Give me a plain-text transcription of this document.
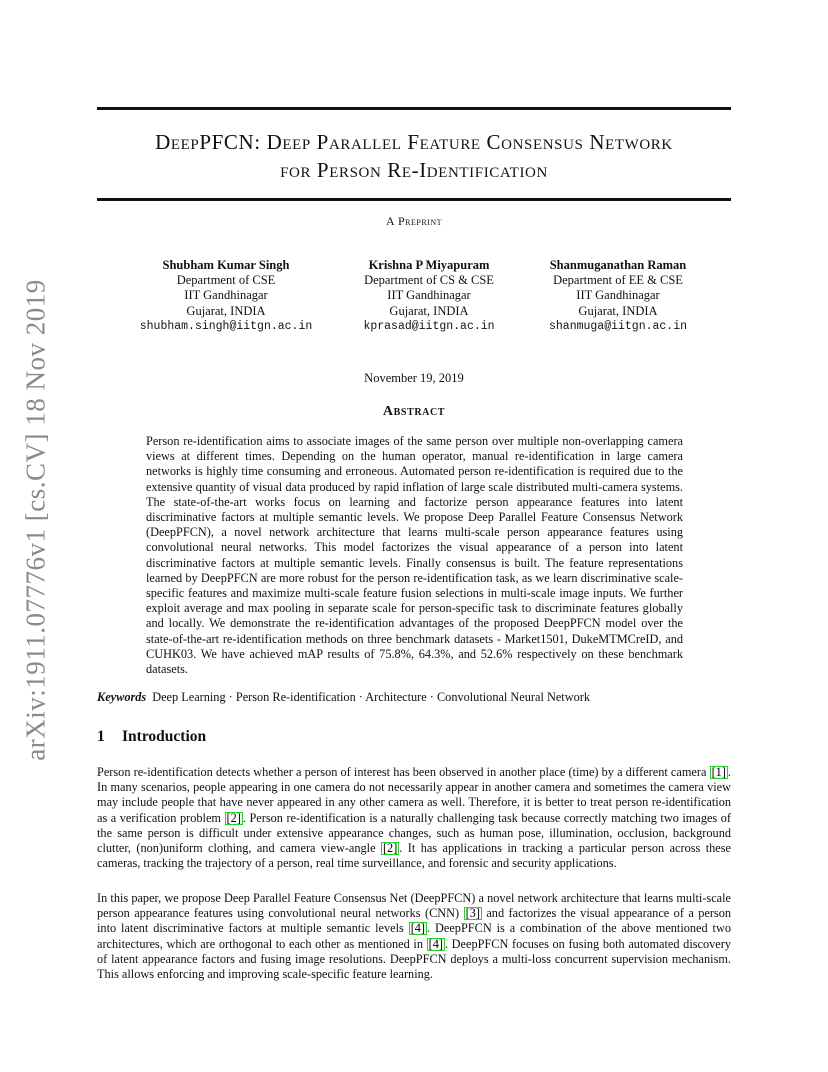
arXiv:1911.07776v1 [cs.CV] 18 Nov 2019
DeepPFCN: Deep Parallel Feature Consensus Network
for Person Re-Identification
A Preprint
Shubham Kumar Singh
Department of CSE
IIT Gandhinagar
Gujarat, INDIA
shubham.singh@iitgn.ac.in
Krishna P Miyapuram
Department of CS & CSE
IIT Gandhinagar
Gujarat, INDIA
kprasad@iitgn.ac.in
Shanmuganathan Raman
Department of EE & CSE
IIT Gandhinagar
Gujarat, INDIA
shanmuga@iitgn.ac.in
November 19, 2019
Abstract

Person re-identification aims to associate images of the same person over multiple non-overlapping camera views at different times. Depending on the human operator, manual re-identification in large camera networks is highly time consuming and erroneous. Automated person re-identification is required due to the extensive quantity of visual data produced by rapid inflation of large scale distributed multi-camera systems. The state-of-the-art works focus on learning and factorize person appearance features into latent discriminative factors at multiple semantic levels. We propose Deep Parallel Feature Consensus Network (DeepPFCN), a novel network architecture that learns multi-scale person appearance features using convolutional neural networks. This model factorizes the visual appearance of a person into latent discriminative factors at multiple semantic levels. Finally consensus is built. The feature representations learned by DeepPFCN are more robust for the person re-identification task, as we learn discriminative scale-specific features and maximize multi-scale feature fusion selections in multi-scale image inputs. We further exploit average and max pooling in separate scale for person-specific task to discriminate features globally and locally. We demonstrate the re-identification advantages of the proposed DeepPFCN model over the state-of-the-art re-identification methods on three benchmark datasets - Market1501, DukeMTMCreID, and CUHK03. We have achieved mAP results of 75.8%, 64.3%, and 52.6% respectively on these benchmark datasets.

Keywords Deep Learning · Person Re-identification · Architecture · Convolutional Neural Network
1 Introduction

Person re-identification detects whether a person of interest has been observed in another place (time) by a different camera [1] . In many scenarios, people appearing in one camera do not necessarily appear in another camera and sometimes the camera view may include people that have never appeared in any other camera as well. Therefore, it is better to treat person re-identification as a verification problem [2] . Person re-identification is a naturally challenging task because correctly matching two images of the same person is difficult under extensive appearance changes, such as human pose, illumination, occlusion, background clutter, (non)uniform clothing, and camera view-angle [2] . It has applications in tracking a particular person across these cameras, tracking the trajectory of a person, real time surveillance, and forensic and security applications.

In this paper, we propose Deep Parallel Feature Consensus Net (DeepPFCN) a novel network architecture that learns multi-scale person appearance features using convolutional neural networks (CNN) [3] and factorizes the visual appearance of a person into latent discriminative factors at multiple semantic levels [4] . DeepPFCN is a combination of the above mentioned two architectures, which are orthogonal to each other as mentioned in [4] . DeepPFCN focuses on fusing both automated discovery of latent appearance factors and fusing image resolutions. DeepPFCN deploys a multi-loss concurrent supervision mechanism. This allows enforcing and improving scale-specific feature learning.
